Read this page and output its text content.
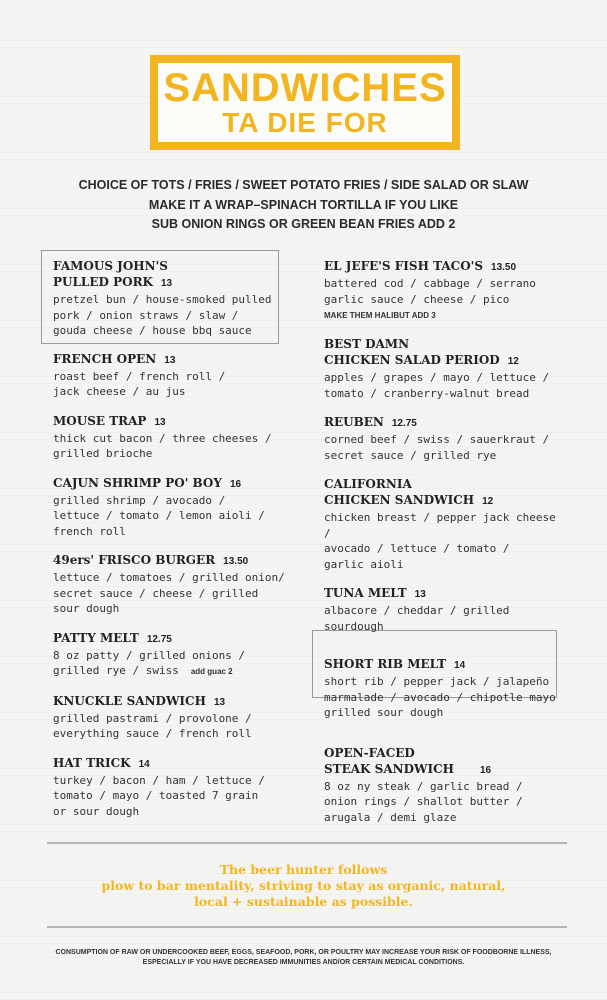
SANDWICHES
TA DIE FOR
CHOICE OF TOTS / FRIES / SWEET POTATO FRIES / SIDE SALAD OR SLAW
MAKE IT A WRAP–SPINACH TORTILLA IF YOU LIKE
SUB ONION RINGS OR GREEN BEAN FRIES ADD 2
FAMOUS JOHN'S
PULLED PORK 13
pretzel bun / house-smoked pulled
pork / onion straws / slaw /
gouda cheese / house bbq sauce
FRENCH OPEN 13
roast beef / french roll /
jack cheese / au jus
MOUSE TRAP 13
thick cut bacon / three cheeses /
grilled brioche
CAJUN SHRIMP PO' BOY 16
grilled shrimp / avocado /
lettuce / tomato / lemon aioli /
french roll
49ers' FRISCO BURGER 13.50
lettuce / tomatoes / grilled onion/
secret sauce / cheese / grilled
sour dough
PATTY MELT 12.75
8 oz patty / grilled onions /
grilled rye / swiss add guac 2
KNUCKLE SANDWICH 13
grilled pastrami / provolone /
everything sauce / french roll
HAT TRICK 14
turkey / bacon / ham / lettuce /
tomato / mayo / toasted 7 grain
or sour dough
EL JEFE'S FISH TACO'S 13.50
battered cod / cabbage / serrano
garlic sauce / cheese / pico
MAKE THEM HALIBUT ADD 3
BEST DAMN
CHICKEN SALAD PERIOD 12
apples / grapes / mayo / lettuce /
tomato / cranberry-walnut bread
REUBEN 12.75
corned beef / swiss / sauerkraut /
secret sauce / grilled rye
CALIFORNIA
CHICKEN SANDWICH 12
chicken breast / pepper jack cheese /
avocado / lettuce / tomato /
garlic aioli
TUNA MELT 13
albacore / cheddar / grilled
sourdough
SHORT RIB MELT 14
short rib / pepper jack / jalapeño
marmalade / avocado / chipotle mayo
grilled sour dough
OPEN-FACED
STEAK SANDWICH	16
8 oz ny steak / garlic bread /
onion rings / shallot butter /
arugala / demi glaze
The beer hunter follows
plow to bar mentality, striving to stay as organic, natural,
local + sustainable as possible.
CONSUMPTION OF RAW OR UNDERCOOKED BEEF, EGGS, SEAFOOD, PORK, OR POULTRY MAY INCREASE YOUR RISK OF FOODBORNE ILLNESS,
ESPECIALLY IF YOU HAVE DECREASED IMMUNITIES AND/OR CERTAIN MEDICAL CONDITIONS.
